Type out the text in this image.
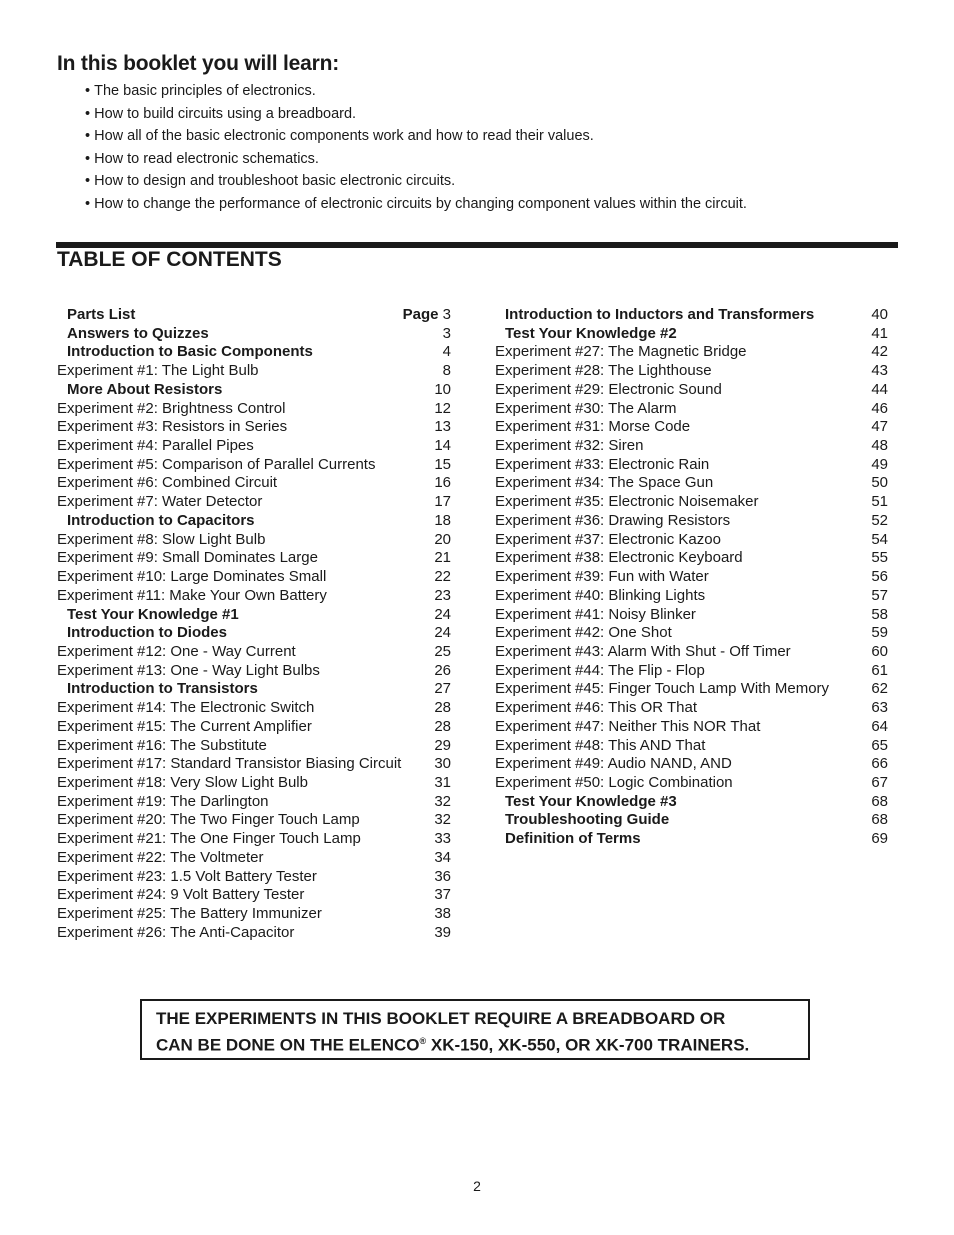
In this booklet you will learn:
• The basic principles of electronics.
• How to build circuits using a breadboard.
• How all of the basic electronic components work and how to read their values.
• How to read electronic schematics.
• How to design and troubleshoot basic electronic circuits.
• How to change the performance of electronic circuits by changing component values within the circuit.
TABLE OF CONTENTS
Parts List	Page 3
Answers to Quizzes	3
Introduction to Basic Components	4
Experiment #1: The Light Bulb	8
More About Resistors	10
Experiment #2: Brightness Control	12
Experiment #3: Resistors in Series	13
Experiment #4: Parallel Pipes	14
Experiment #5: Comparison of Parallel Currents	15
Experiment #6: Combined Circuit	16
Experiment #7: Water Detector	17
Introduction to Capacitors	18
Experiment #8: Slow Light Bulb	20
Experiment #9: Small Dominates Large	21
Experiment #10: Large Dominates Small	22
Experiment #11: Make Your Own Battery	23
Test Your Knowledge #1	24
Introduction to Diodes	24
Experiment #12: One - Way Current	25
Experiment #13: One - Way Light Bulbs	26
Introduction to Transistors	27
Experiment #14: The Electronic Switch	28
Experiment #15: The Current Amplifier	28
Experiment #16: The Substitute	29
Experiment #17: Standard Transistor Biasing Circuit 30
Experiment #18: Very Slow Light Bulb	31
Experiment #19: The Darlington	32
Experiment #20: The Two Finger Touch Lamp	32
Experiment #21: The One Finger Touch Lamp	33
Experiment #22: The Voltmeter	34
Experiment #23: 1.5 Volt Battery Tester	36
Experiment #24: 9 Volt Battery Tester	37
Experiment #25: The Battery Immunizer	38
Experiment #26: The Anti-Capacitor	39
Introduction to Inductors and Transformers	40
Test Your Knowledge #2	41
Experiment #27: The Magnetic Bridge	42
Experiment #28: The Lighthouse	43
Experiment #29: Electronic Sound	44
Experiment #30: The Alarm	46
Experiment #31: Morse Code	47
Experiment #32: Siren	48
Experiment #33: Electronic Rain	49
Experiment #34: The Space Gun	50
Experiment #35: Electronic Noisemaker	51
Experiment #36: Drawing Resistors	52
Experiment #37: Electronic Kazoo	54
Experiment #38: Electronic Keyboard	55
Experiment #39: Fun with Water	56
Experiment #40: Blinking Lights	57
Experiment #41: Noisy Blinker	58
Experiment #42: One Shot	59
Experiment #43: Alarm With Shut - Off Timer	60
Experiment #44: The Flip - Flop	61
Experiment #45: Finger Touch Lamp With Memory	62
Experiment #46: This OR That	63
Experiment #47: Neither This NOR That	64
Experiment #48: This AND That	65
Experiment #49: Audio NAND, AND	66
Experiment #50: Logic Combination	67
Test Your Knowledge #3	68
Troubleshooting Guide	68
Definition of Terms	69
THE EXPERIMENTS IN THIS BOOKLET REQUIRE A BREADBOARD OR
CAN BE DONE ON THE ELENCO® XK-150, XK-550, OR XK-700 TRAINERS.
2
